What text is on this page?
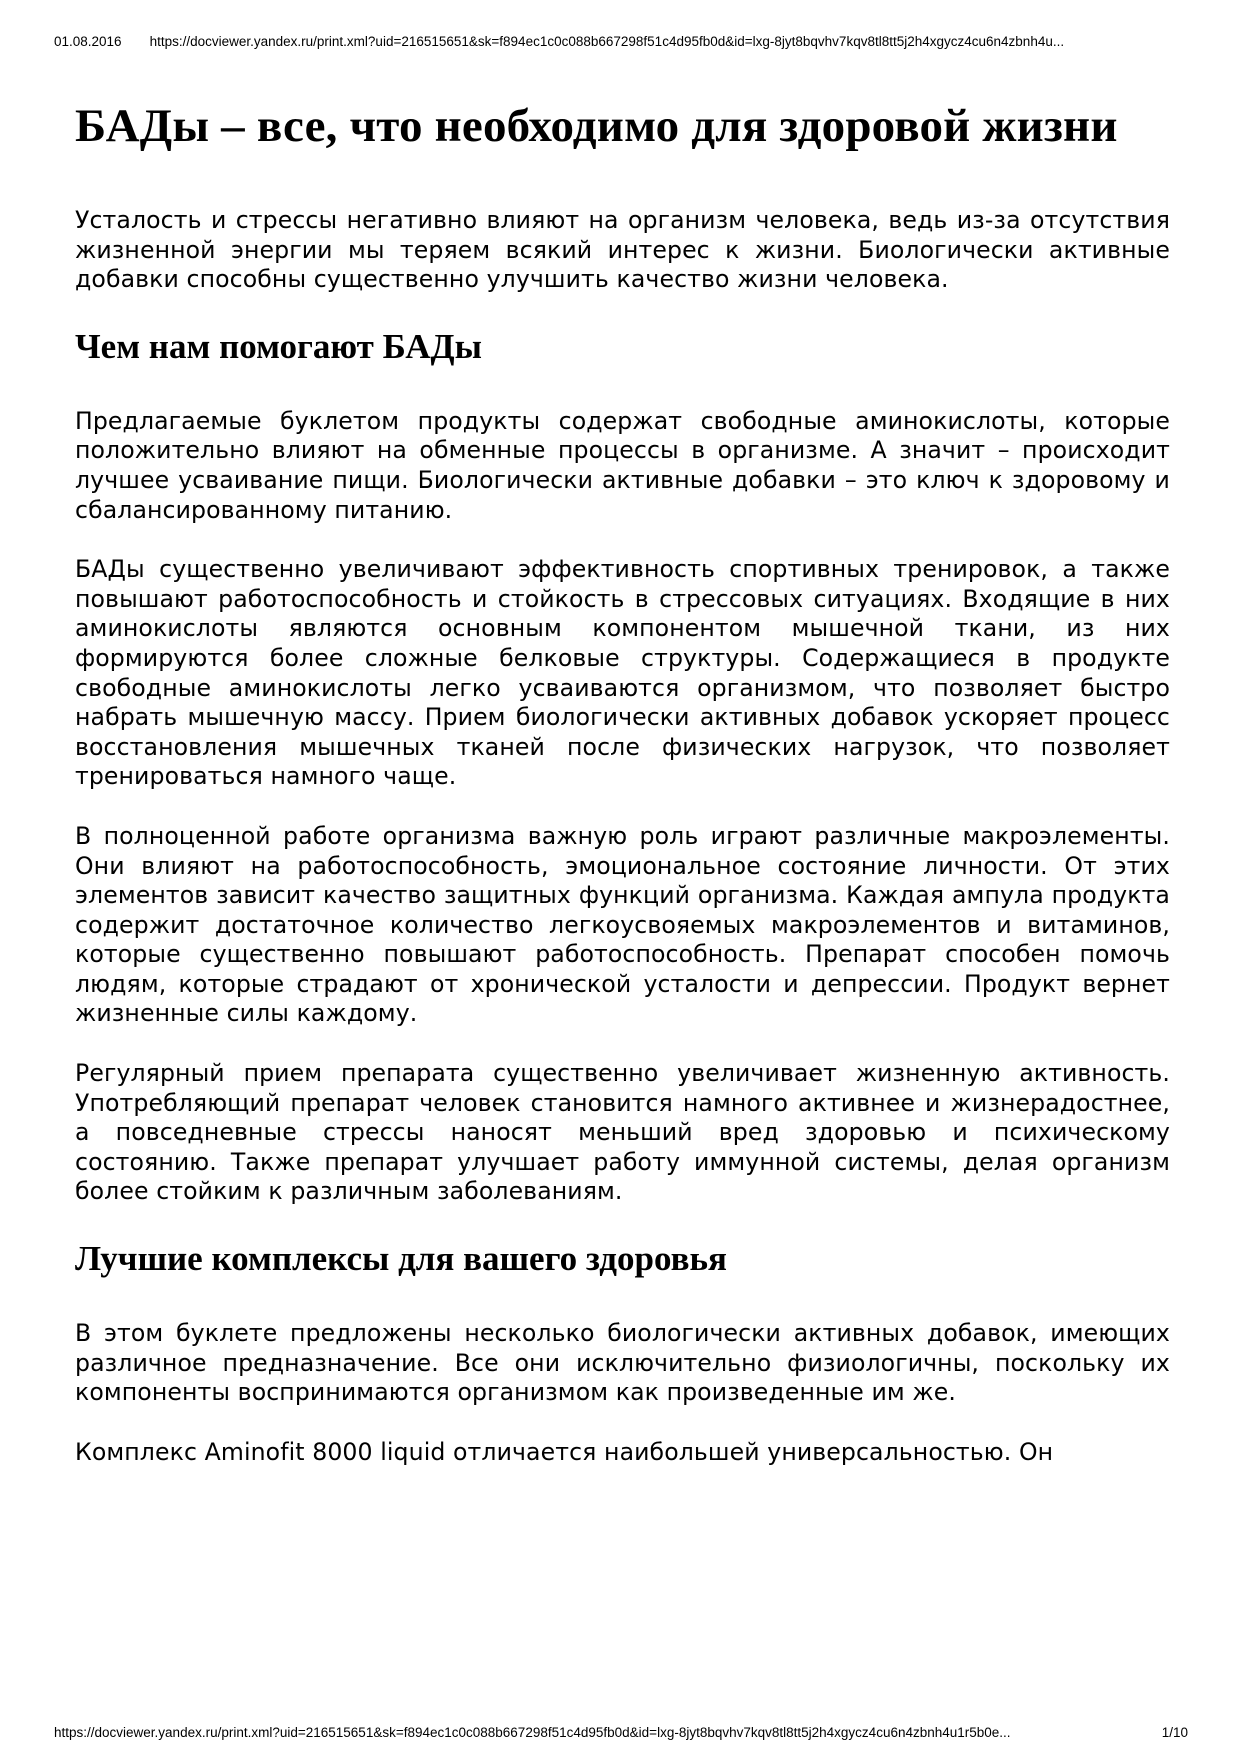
01.08.2016 https://docviewer.yandex.ru/print.xml?uid=216515651&sk=f894ec1c0c088b667298f51c4d95fb0d&id=lxg-8jyt8bqvhv7kqv8tl8tt5j2h4xgycz4cu6n4zbnh4u...
БАДы – все, что необходимо для здоровой жизни

Усталость и стрессы негативно влияют на организм человека, ведь из-за отсутствия жизненной энергии мы теряем всякий интерес к жизни. Биологически активные добавки способны существенно улучшить качество жизни человека.

Чем нам помогают БАДы

Предлагаемые буклетом продукты содержат свободные аминокислоты, которые положительно влияют на обменные процессы в организме. А значит – происходит лучшее усваивание пищи. Биологически активные добавки – это ключ к здоровому и сбалансированному питанию.

БАДы существенно увеличивают эффективность спортивных тренировок, а также повышают работоспособность и стойкость в стрессовых ситуациях. Входящие в них аминокислоты являются основным компонентом мышечной ткани, из них формируются более сложные белковые структуры. Содержащиеся в продукте свободные аминокислоты легко усваиваются организмом, что позволяет быстро набрать мышечную массу. Прием биологически активных добавок ускоряет процесс восстановления мышечных тканей после физических нагрузок, что позволяет тренироваться намного чаще.

В полноценной работе организма важную роль играют различные макроэлементы. Они влияют на работоспособность, эмоциональное состояние личности. От этих элементов зависит качество защитных функций организма. Каждая ампула продукта содержит достаточное количество легкоусвояемых макроэлементов и витаминов, которые существенно повышают работоспособность. Препарат способен помочь людям, которые страдают от хронической усталости и депрессии. Продукт вернет жизненные силы каждому.

Регулярный прием препарата существенно увеличивает жизненную активность. Употребляющий препарат человек становится намного активнее и жизнерадостнее, а повседневные стрессы наносят меньший вред здоровью и психическому состоянию. Также препарат улучшает работу иммунной системы, делая организм более стойким к различным заболеваниям.

Лучшие комплексы для вашего здоровья

В этом буклете предложены несколько биологически активных добавок, имеющих различное предназначение. Все они исключительно физиологичны, поскольку их компоненты воспринимаются организмом как произведенные им же.

Комплекс Aminofit 8000 liquid отличается наибольшей универсальностью. Он

https://docviewer.yandex.ru/print.xml?uid=216515651&sk=f894ec1c0c088b667298f51c4d95fb0d&id=lxg-8jyt8bqvhv7kqv8tl8tt5j2h4xgycz4cu6n4zbnh4u1r5b0e...	1/10
